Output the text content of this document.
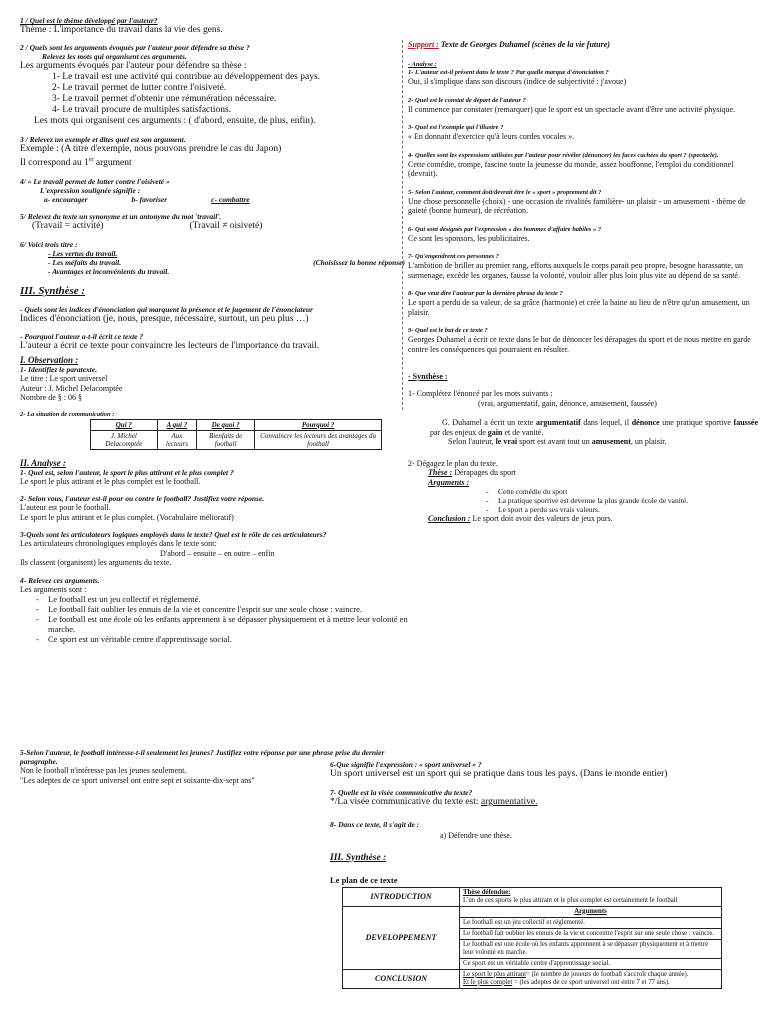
1 / Quel est le thème développé par l'auteur?
Thème : L'importance du travail dans la vie des gens.
2 / Quels sont les arguments évoqués par l'auteur pour défendre sa thèse ?
Relevez les mots qui organisent ces arguments.
Les arguments évoqués par l'auteur pour défendre sa thèse :
1- Le travail est une activité qui contribue au développement des pays.
2- Le travail permet de lutter contre l'oisiveté.
3- Le travail permet d'obtenir une rémunération nécessaire.
4- Le travail procure de multiples satisfactions.
Les mots qui organisent ces arguments : ( d'abord, ensuite, de plus, enfin).
3 / Relevez un exemple et dites quel est son argument.
Exemple : (A titre d'exemple, nous pouvons prendre le cas du Japon)
Il correspond au 1er argument
4/ « Le travail permet de lutter contre l'oisiveté »
L'expression soulignée signifie :
a- encourager	b- favoriser	c- combattre
5/ Relevez du texte un synonyme et un antonyme du mot 'travail'.
(Travail = activité)	(Travail ≠ oisiveté)
6/ Voici trois titre :
- Les vertus du travail.
- Les méfaits du travail.	(Choisissez la bonne réponse)
- Avantages et inconvénients du travail.
III. Synthèse :
- Quels sont les indices d'énonciation qui marquent la présence et le jugement de l'énonciateur
Indices d'énonciation (je, nous, presque, nécessaire, surtout, un peu plus …)
- Pourquoi l'auteur a-t-il écrit ce texte ?
L'auteur a écrit ce texte pour convaincre les lecteurs de l'importance du travail.
I. Observation :
1- Identifiez le paratexte.
Le titre : Le sport universel
Auteur : J. Michel Delacomptée
Nombre de § : 06 §
2- La situation de communication :
Qui ?	A qui ?	De quoi ?	Pourquoi ?
J. Michel Delacomptée	Aux lecteurs	Bienfaits de football	Convaincre les lecteurs des avantages du football
II. Analyse :
1- Quel est, selon l'auteur, le sport le plus attirant et le plus complet ?
Le sport le plus attirant et le plus complet est le football.
2- Selon vous, l'auteur est-il pour ou contre le football? Justifiez votre réponse.
L'auteur est pour le football.
Le sport le plus attirant et le plus complet. (Vocabulaire mélioratif)
3-Quels sont les articulateurs logiques employés dans le texte? Quel est le rôle de ces articulateurs?
Les articulateurs chronologiques employés dans le texte sont:
D'abord – ensuite – en outre – enfin
Ils classent (organisent) les arguments du texte.
4- Relevez ces arguments.
Les arguments sont :
- Le football est un jeu collectif et réglementé.
- Le football fait oublier les ennuis de la vie et concentre l'esprit sur une seule chose : vaincre.
- Le football est une école où les enfants apprennent à se dépasser physiquement et à mettre leur volonté en marche.
- Ce sport est un véritable centre d'apprentissage social.
5-Selon l'auteur, le football intéresse-t-il seulement les jeunes? Justifiez votre réponse par une phrase prise du dernier paragraphe.
Non le football n'intéresse pas les jeunes seulement.
"Les adeptes de ce sport universel ont entre sept et soixante-dix-sept ans"
Support : Texte de Georges Duhamel (scènes de la vie future)
- Analyse :
1- L'auteur est-il présent dans le texte ? Par quelle marque d'énonciation ?
Oui, il s'implique dans son discours (indice de subjectivité : j'avoue)
2- Quel est le constat de départ de l'auteur ?
Il commence par constater (remarquer) que le sport est un spectacle avant d'être une activité physique.
3- Quel est l'exemple qui l'illustre ?
« En donnant d'exercice qu'à leurs cordes vocales ».
4- Quelles sont les expressions utilisées par l'auteur pour révéler (dénoncer) les faces cachées du sport ? (spectacle).
Cette comédie, trompe, fascine toute la jeunesse du monde, assez bouffonne, l'emploi du conditionnel (devrait).
5- Selon l'auteur, comment doit/devrait être le « sport » proprement dit ?
Une chose personnelle (choix) - une occasion de rivalités familière- un plaisir - un amusement - thème de gaieté (bonne humeur), de récréation.
6- Qui sont désignés par l'expression « des hommes d'affaire habiles » ?
Ce sont les sponsors, les publicitaires.
7- Qu'engendrent ces personnes ?
L'ambition de briller au premier rang, efforts auxquels le corps parait peu propre, besogne harassante, un surmenage, excède les organes, fausse la volonté, vouloir aller plus loin plus vite au dépend de sa santé.
8- Que veut dire l'auteur par la dernière phrase du texte ?
Le sport a perdu de sa valeur, de sa grâce (harmonie) et crée la haine au lieu de n'être qu'un amusement, un plaisir.
9- Quel est le but de ce texte ?
Georges Duhamel a écrit ce texte dans le but de dénoncer les dérapages du sport et de nous mettre en garde contre les conséquences qui pourraient en résulter.
- Synthèse :
1- Complétez l'énoncé par les mots suivants :
(vrai, argumentatif, gain, dénonce, amusement, faussée)
G. Duhamel a écrit un texte argumentatif dans lequel, il dénonce une pratique sportive faussée par des enjeux de gain et de vanité.
Selon l'auteur, le vrai sport est avant tout un amusement, un plaisir.
2- Dégagez le plan du texte.
Thèse : Dérapages du sport
Arguments :
- Cette comédie du sport
- La pratique sportive est devenue la plus grande école de vanité.
- Le sport a perdu ses vrais valeurs.
Conclusion : Le sport doit avoir des valeurs de jeux purs.
6-Que signifie l'expression : « sport universel » ?
Un sport universel est un sport qui se pratique dans tous les pays. (Dans le monde entier)
7- Quelle est la visée communicative du texte?
*/La visée communicative du texte est: argumentative.
8- Dans ce texte, il s'agit de :
a) Défendre une thèse.
III. Synthèse :
Le plan de ce texte
INTRODUCTION	Thèse défendue:
L'un de ces sports le plus attirant et le plus complet est certainement le football

DEVELOPPEMENT	Arguments
	Le football est un jeu collectif et réglementé.
	Le football fait oublier les ennuis de la vie et concentre l'esprit sur une seule chose : vaincre.
	Le football est une école où les enfants apprennent à se dépasser physiquement et à mettre leur volonté en marche.
	Ce sport est un véritable centre d'apprentissage social.
CONCLUSION	Le sport le plus attirant= (le nombre de joueurs de football s'accroît chaque année).
Et le plus complet = (les adeptes de ce sport universel ont entre 7 et 77 ans).
